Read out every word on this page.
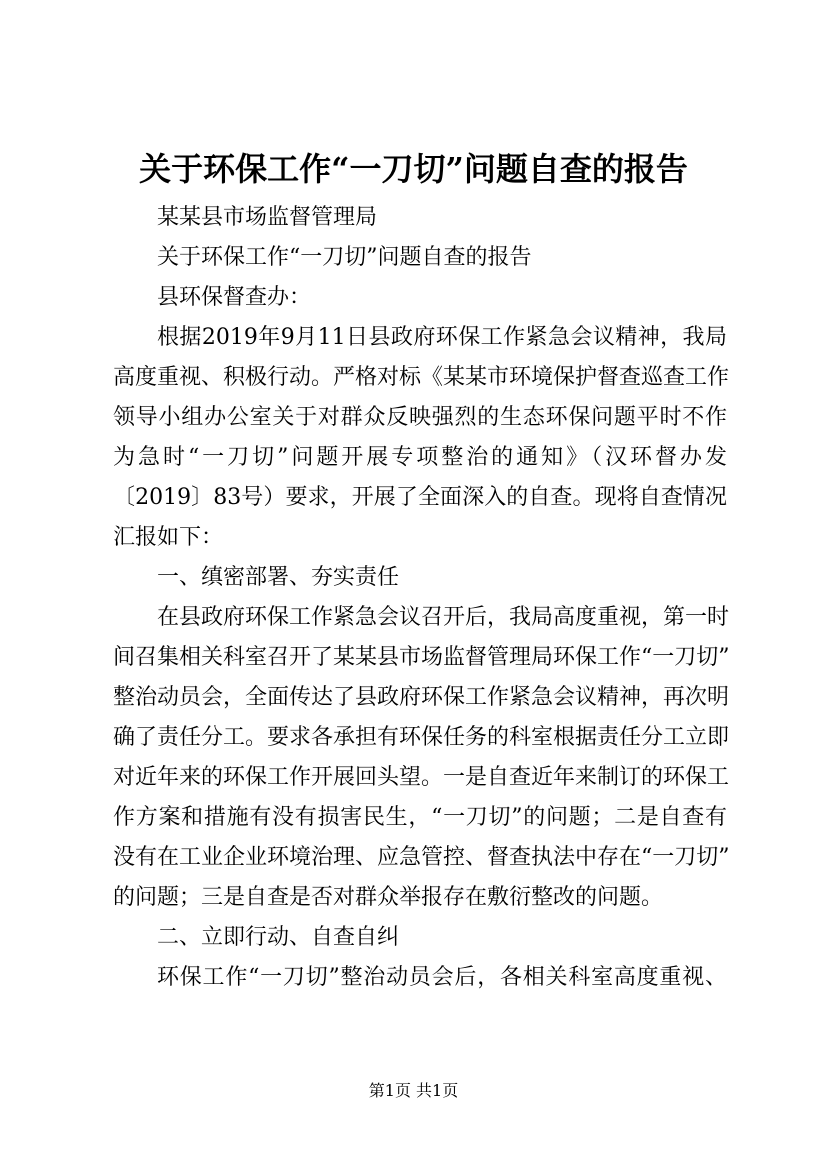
关于环保工作“一刀切”问题自查的报告
某某县市场监督管理局
关于环保工作“一刀切”问题自查的报告
县环保督查办：
根据2019年9月11日县政府环保工作紧急会议精神，我局
高度重视、积极行动。严格对标《某某市环境保护督查巡查工作
领导小组办公室关于对群众反映强烈的生态环保问题平时不作
为急时“一刀切”问题开展专项整治的通知》（汉环督办发
〔2019〕83号）要求，开展了全面深入的自查。现将自查情况
汇报如下：
一、缜密部署、夯实责任
在县政府环保工作紧急会议召开后，我局高度重视，第一时
间召集相关科室召开了某某县市场监督管理局环保工作“一刀切”
整治动员会，全面传达了县政府环保工作紧急会议精神，再次明
确了责任分工。要求各承担有环保任务的科室根据责任分工立即
对近年来的环保工作开展回头望。一是自查近年来制订的环保工
作方案和措施有没有损害民生，“一刀切”的问题；二是自查有
没有在工业企业环境治理、应急管控、督查执法中存在“一刀切”
的问题；三是自查是否对群众举报存在敷衍整改的问题。
二、立即行动、自查自纠
环保工作“一刀切”整治动员会后，各相关科室高度重视、
第1页 共1页
